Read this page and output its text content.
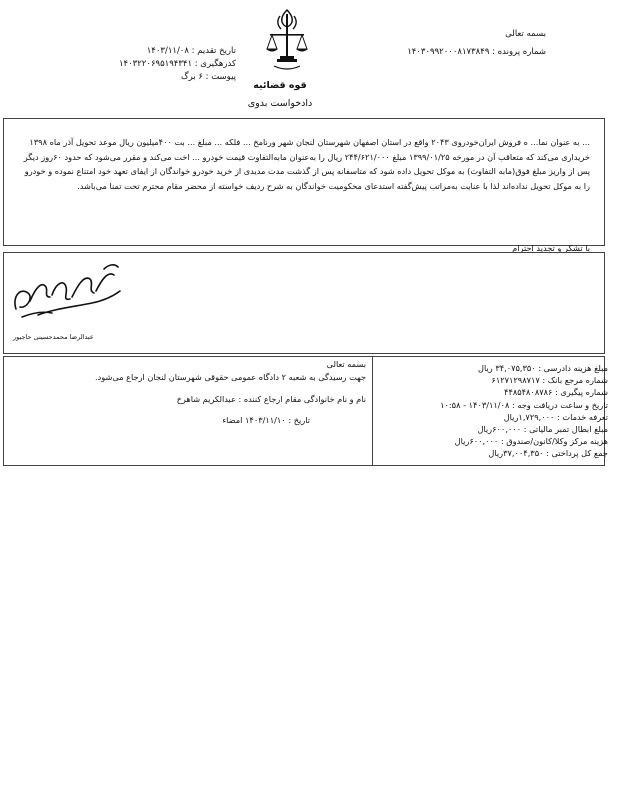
بسمه تعالی
شماره پرونده : ۱۴۰۳۰۹۹۲۰۰۰۸۱۷۳۸۴۹
تاریخ تقدیم : ۱۴۰۳/۱۱/۰۸
کدرهگیری : ۱۴۰۳۲۲۰۶۹۵۱۹۴۳۴۱
پیوست : ۶ برگ
قوه قضائیه
دادخواست بدوی
... به عنوان نما... ه فروش ایران‌خودروی ۲۰۴۳ واقع در استان اصفهان شهرستان لنجان شهر ورنامخ ... فلکه ... مبلغ ... بت ۴۰۰میلیون ریال موعد تحویل آذر ماه ۱۳۹۸ خریداری می‌کند که متعاقب آن در مورخه ۱۳۹۹/۰۱/۲۵ مبلغ ۲۴۴/۶۲۱/۰۰۰ ریال را به‌عنوان مابه‌التفاوت قیمت خودرو ... اخت می‌کند و مقرر می‌شود که حدود ۶۰روز دیگر پس از واریز مبلغ فوق(مابه التفاوت) به موکل تحویل داده شود که متاسفانه پس از گذشت مدت مدیدی از خرید خودرو خواندگان از ایفای تعهد خود امتناع نموده و خودرو را به موکل تحویل نداده‌اند لذا با عنایت به‌مراتب پیش‌گفته استدعای محکومیت خواندگان به شرح ردیف خواسته از محضر مقام محترم تحت تمنا می‌باشد.
با تشکر و تجدید احترام
عبدالرضا محمدحسینی حاجیور
مبلغ هزینه دادرسی : ۳۴,۰۷۵,۳۵۰ ریال
شماره مرجع بانک : ۶۱۲۷۱۲۹۸۷۱۷
شماره پیگیری : ۴۴۸۵۴۸۰۸۷۸۶
تاریخ و ساعت دریافت وجه : ۱۴۰۳/۱۱/۰۸ - ۱۰:۵۸
تعرفه خدمات : ۱,۷۲۹,۰۰۰ریال
مبلغ ابطال تمبر مالیاتی : ۶۰۰,۰۰۰ریال
هزینه مرکز وکلا/کانون/صندوق : ۶۰۰,۰۰۰ریال
جمع کل پرداختی : ۳۷,۰۰۴,۳۵۰ریال
بسمه تعالی
جهت رسیدگی به شعبه ۲ دادگاه عمومی حقوقی شهرستان لنجان ارجاع می‌شود.
نام و نام خانوادگی مقام ارجاع کننده : عبدالکریم شاهرخ
تاریخ : ۱۴۰۳/۱۱/۱۰ امضاء
